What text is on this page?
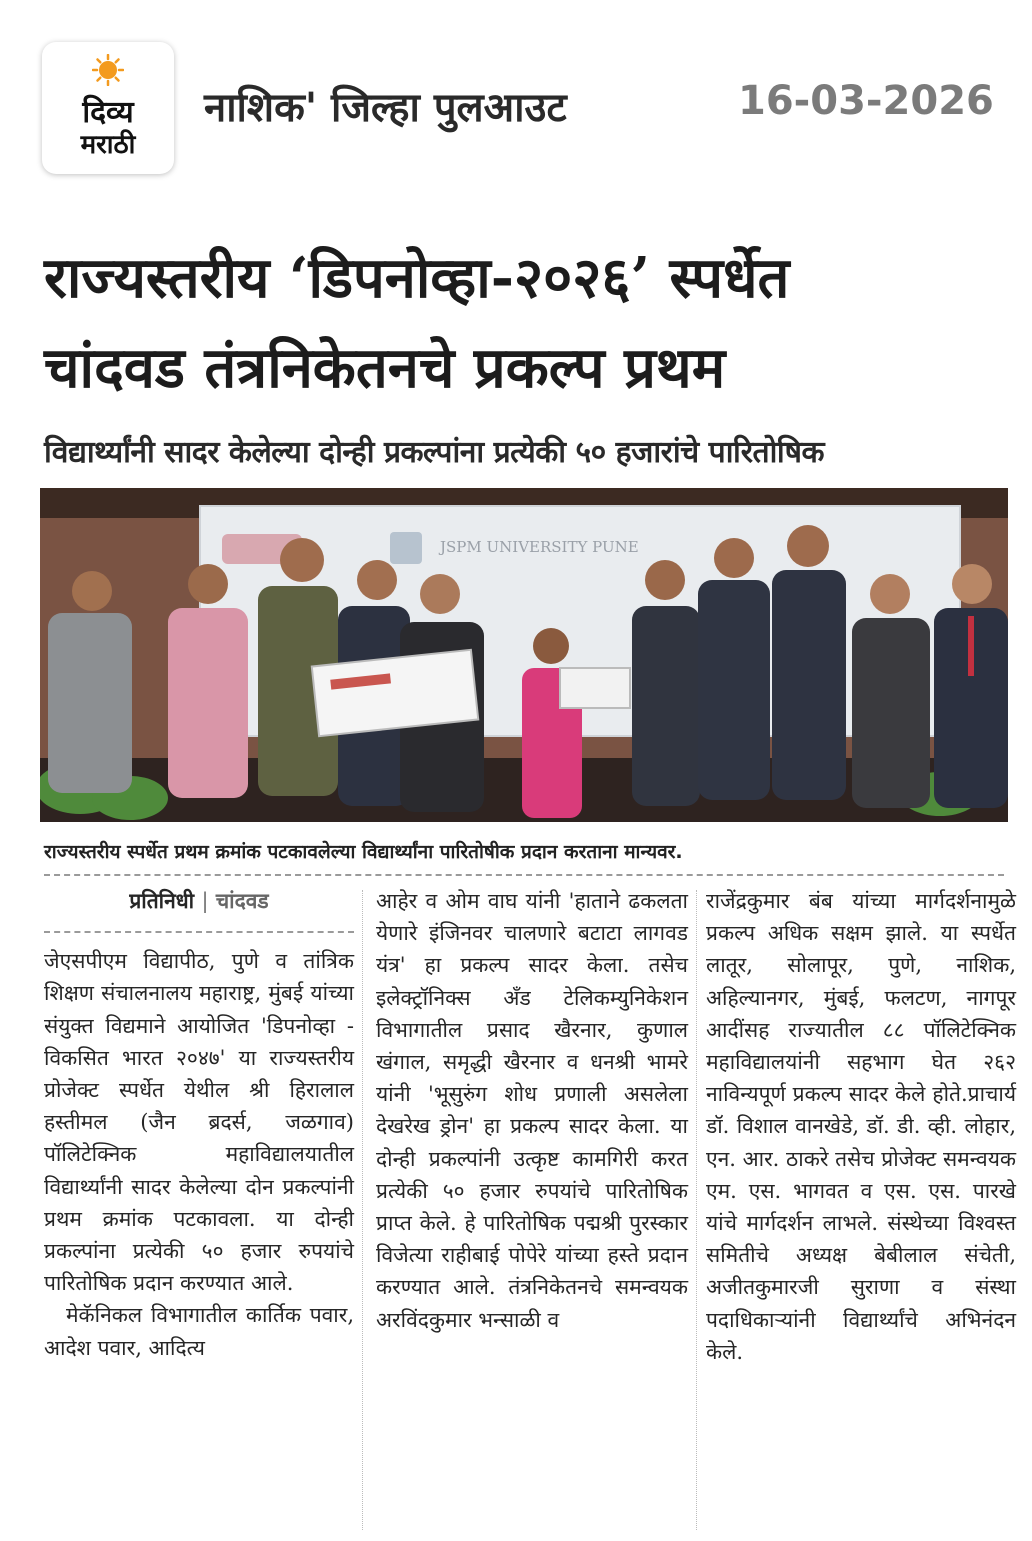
दिव्य
मराठी
नाशिक' जिल्हा पुलआउट	16-03-2026
राज्यस्तरीय ‘डिपनोव्हा-२०२६’ स्पर्धेत
चांदवड तंत्रनिकेतनचे प्रकल्प प्रथम
विद्यार्थ्यांनी सादर केलेल्या दोन्ही प्रकल्पांना प्रत्येकी ५० हजारांचे पारितोषिक
JSPM UNIVERSITY PUNE
राज्यस्तरीय स्पर्धेत प्रथम क्रमांक पटकावलेल्या विद्यार्थ्यांना पारितोषीक प्रदान करताना मान्यवर.
प्रतिनिधी | चांदवड

जेएसपीएम विद्यापीठ, पुणे व तांत्रिक शिक्षण संचालनालय महाराष्ट्र, मुंबई यांच्या संयुक्त विद्यमाने आयोजित 'डिपनोव्हा - विकसित भारत २०४७' या राज्यस्तरीय प्रोजेक्ट स्पर्धेत येथील श्री हिरालाल हस्तीमल (जैन ब्रदर्स, जळगाव) पॉलिटेक्निक महाविद्यालयातील विद्यार्थ्यांनी सादर केलेल्या दोन प्रकल्पांनी प्रथम क्रमांक पटकावला. या दोन्ही प्रकल्पांना प्रत्येकी ५० हजार रुपयांचे पारितोषिक प्रदान करण्यात आले.

मेकॅनिकल विभागातील कार्तिक पवार, आदेश पवार, आदित्य

आहेर व ओम वाघ यांनी 'हाताने ढकलता येणारे इंजिनवर चालणारे बटाटा लागवड यंत्र' हा प्रकल्प सादर केला. तसेच इलेक्ट्रॉनिक्स अँड टेलिकम्युनिकेशन विभागातील प्रसाद खैरनार, कुणाल खंगाल, समृद्धी खैरनार व धनश्री भामरे यांनी 'भूसुरुंग शोध प्रणाली असलेला देखरेख ड्रोन' हा प्रकल्प सादर केला. या दोन्ही प्रकल्पांनी उत्कृष्ट कामगिरी करत प्रत्येकी ५० हजार रुपयांचे पारितोषिक प्राप्त केले. हे पारितोषिक पद्मश्री पुरस्कार विजेत्या राहीबाई पोपेरे यांच्या हस्ते प्रदान करण्यात आले. तंत्रनिकेतनचे समन्वयक अरविंदकुमार भन्साळी व

राजेंद्रकुमार बंब यांच्या मार्गदर्शनामुळे प्रकल्प अधिक सक्षम झाले. या स्पर्धेत लातूर, सोलापूर, पुणे, नाशिक, अहिल्यानगर, मुंबई, फलटण, नागपूर आदींसह राज्यातील ८८ पॉलिटेक्निक महाविद्यालयांनी सहभाग घेत २६२ नाविन्यपूर्ण प्रकल्प सादर केले होते.प्राचार्य डॉ. विशाल वानखेडे, डॉ. डी. व्ही. लोहार, एन. आर. ठाकरे तसेच प्रोजेक्ट समन्वयक एम. एस. भागवत व एस. एस. पारखे यांचे मार्गदर्शन लाभले. संस्थेच्या विश्वस्त समितीचे अध्यक्ष बेबीलाल संचेती, अजीतकुमारजी सुराणा व संस्था पदाधिकाऱ्यांनी विद्यार्थ्यांचे अभिनंदन केले.
